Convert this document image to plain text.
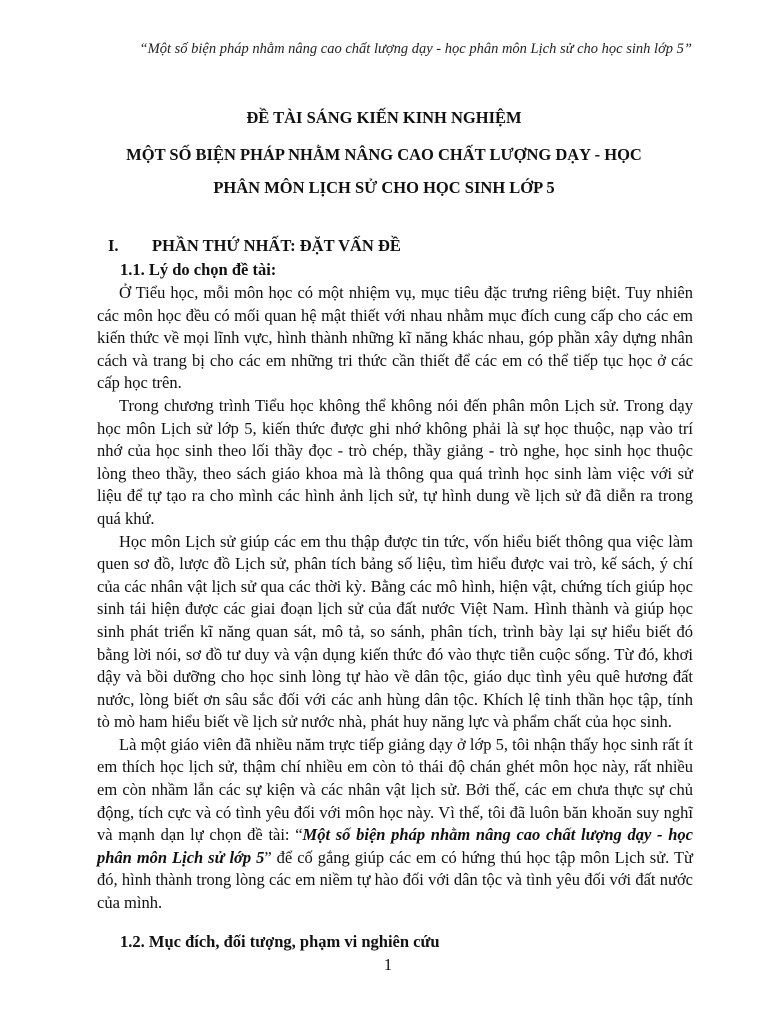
“Một số biện pháp nhằm nâng cao chất lượng dạy - học phân môn Lịch sử cho học sinh lớp 5”
ĐỀ TÀI SÁNG KIẾN KINH NGHIỆM
MỘT SỐ BIỆN PHÁP NHẰM NÂNG CAO CHẤT LƯỢNG DẠY - HỌC
PHÂN MÔN LỊCH SỬ CHO HỌC SINH LỚP 5
I. PHẦN THỨ NHẤT: ĐẶT VẤN ĐỀ
1.1. Lý do chọn đề tài:

Ở Tiểu học, mỗi môn học có một nhiệm vụ, mục tiêu đặc trưng riêng biệt. Tuy nhiên các môn học đều có mối quan hệ mật thiết với nhau nhằm mục đích cung cấp cho các em kiến thức về mọi lĩnh vực, hình thành những kĩ năng khác nhau, góp phần xây dựng nhân cách và trang bị cho các em những tri thức cần thiết để các em có thể tiếp tục học ở các cấp học trên.

Trong chương trình Tiểu học không thể không nói đến phân môn Lịch sử. Trong dạy học môn Lịch sử lớp 5, kiến thức được ghi nhớ không phải là sự học thuộc, nạp vào trí nhớ của học sinh theo lối thầy đọc - trò chép, thầy giảng - trò nghe, học sinh học thuộc lòng theo thầy, theo sách giáo khoa mà là thông qua quá trình học sinh làm việc với sử liệu để tự tạo ra cho mình các hình ảnh lịch sử, tự hình dung về lịch sử đã diễn ra trong quá khứ.

Học môn Lịch sử giúp các em thu thập được tin tức, vốn hiểu biết thông qua việc làm quen sơ đồ, lược đồ Lịch sử, phân tích bảng số liệu, tìm hiểu được vai trò, kế sách, ý chí của các nhân vật lịch sử qua các thời kỳ. Bằng các mô hình, hiện vật, chứng tích giúp học sinh tái hiện được các giai đoạn lịch sử của đất nước Việt Nam. Hình thành và giúp học sinh phát triển kĩ năng quan sát, mô tả, so sánh, phân tích, trình bày lại sự hiểu biết đó bằng lời nói, sơ đồ tư duy và vận dụng kiến thức đó vào thực tiễn cuộc sống. Từ đó, khơi dậy và bồi dưỡng cho học sinh lòng tự hào về dân tộc, giáo dục tình yêu quê hương đất nước, lòng biết ơn sâu sắc đối với các anh hùng dân tộc. Khích lệ tinh thần học tập, tính tò mò ham hiểu biết về lịch sử nước nhà, phát huy năng lực và phẩm chất của học sinh.

Là một giáo viên đã nhiều năm trực tiếp giảng dạy ở lớp 5, tôi nhận thấy học sinh rất ít em thích học lịch sử, thậm chí nhiều em còn tỏ thái độ chán ghét môn học này, rất nhiều em còn nhầm lẫn các sự kiện và các nhân vật lịch sử. Bởi thế, các em chưa thực sự chủ động, tích cực và có tình yêu đối với môn học này. Vì thế, tôi đã luôn băn khoăn suy nghĩ và mạnh dạn lự chọn đề tài: “Một số biện pháp nhằm nâng cao chất lượng dạy - học phân môn Lịch sử lớp 5” để cố gắng giúp các em có hứng thú học tập môn Lịch sử. Từ đó, hình thành trong lòng các em niềm tự hào đối với dân tộc và tình yêu đối với đất nước của mình.

1.2. Mục đích, đối tượng, phạm vi nghiên cứu
1
